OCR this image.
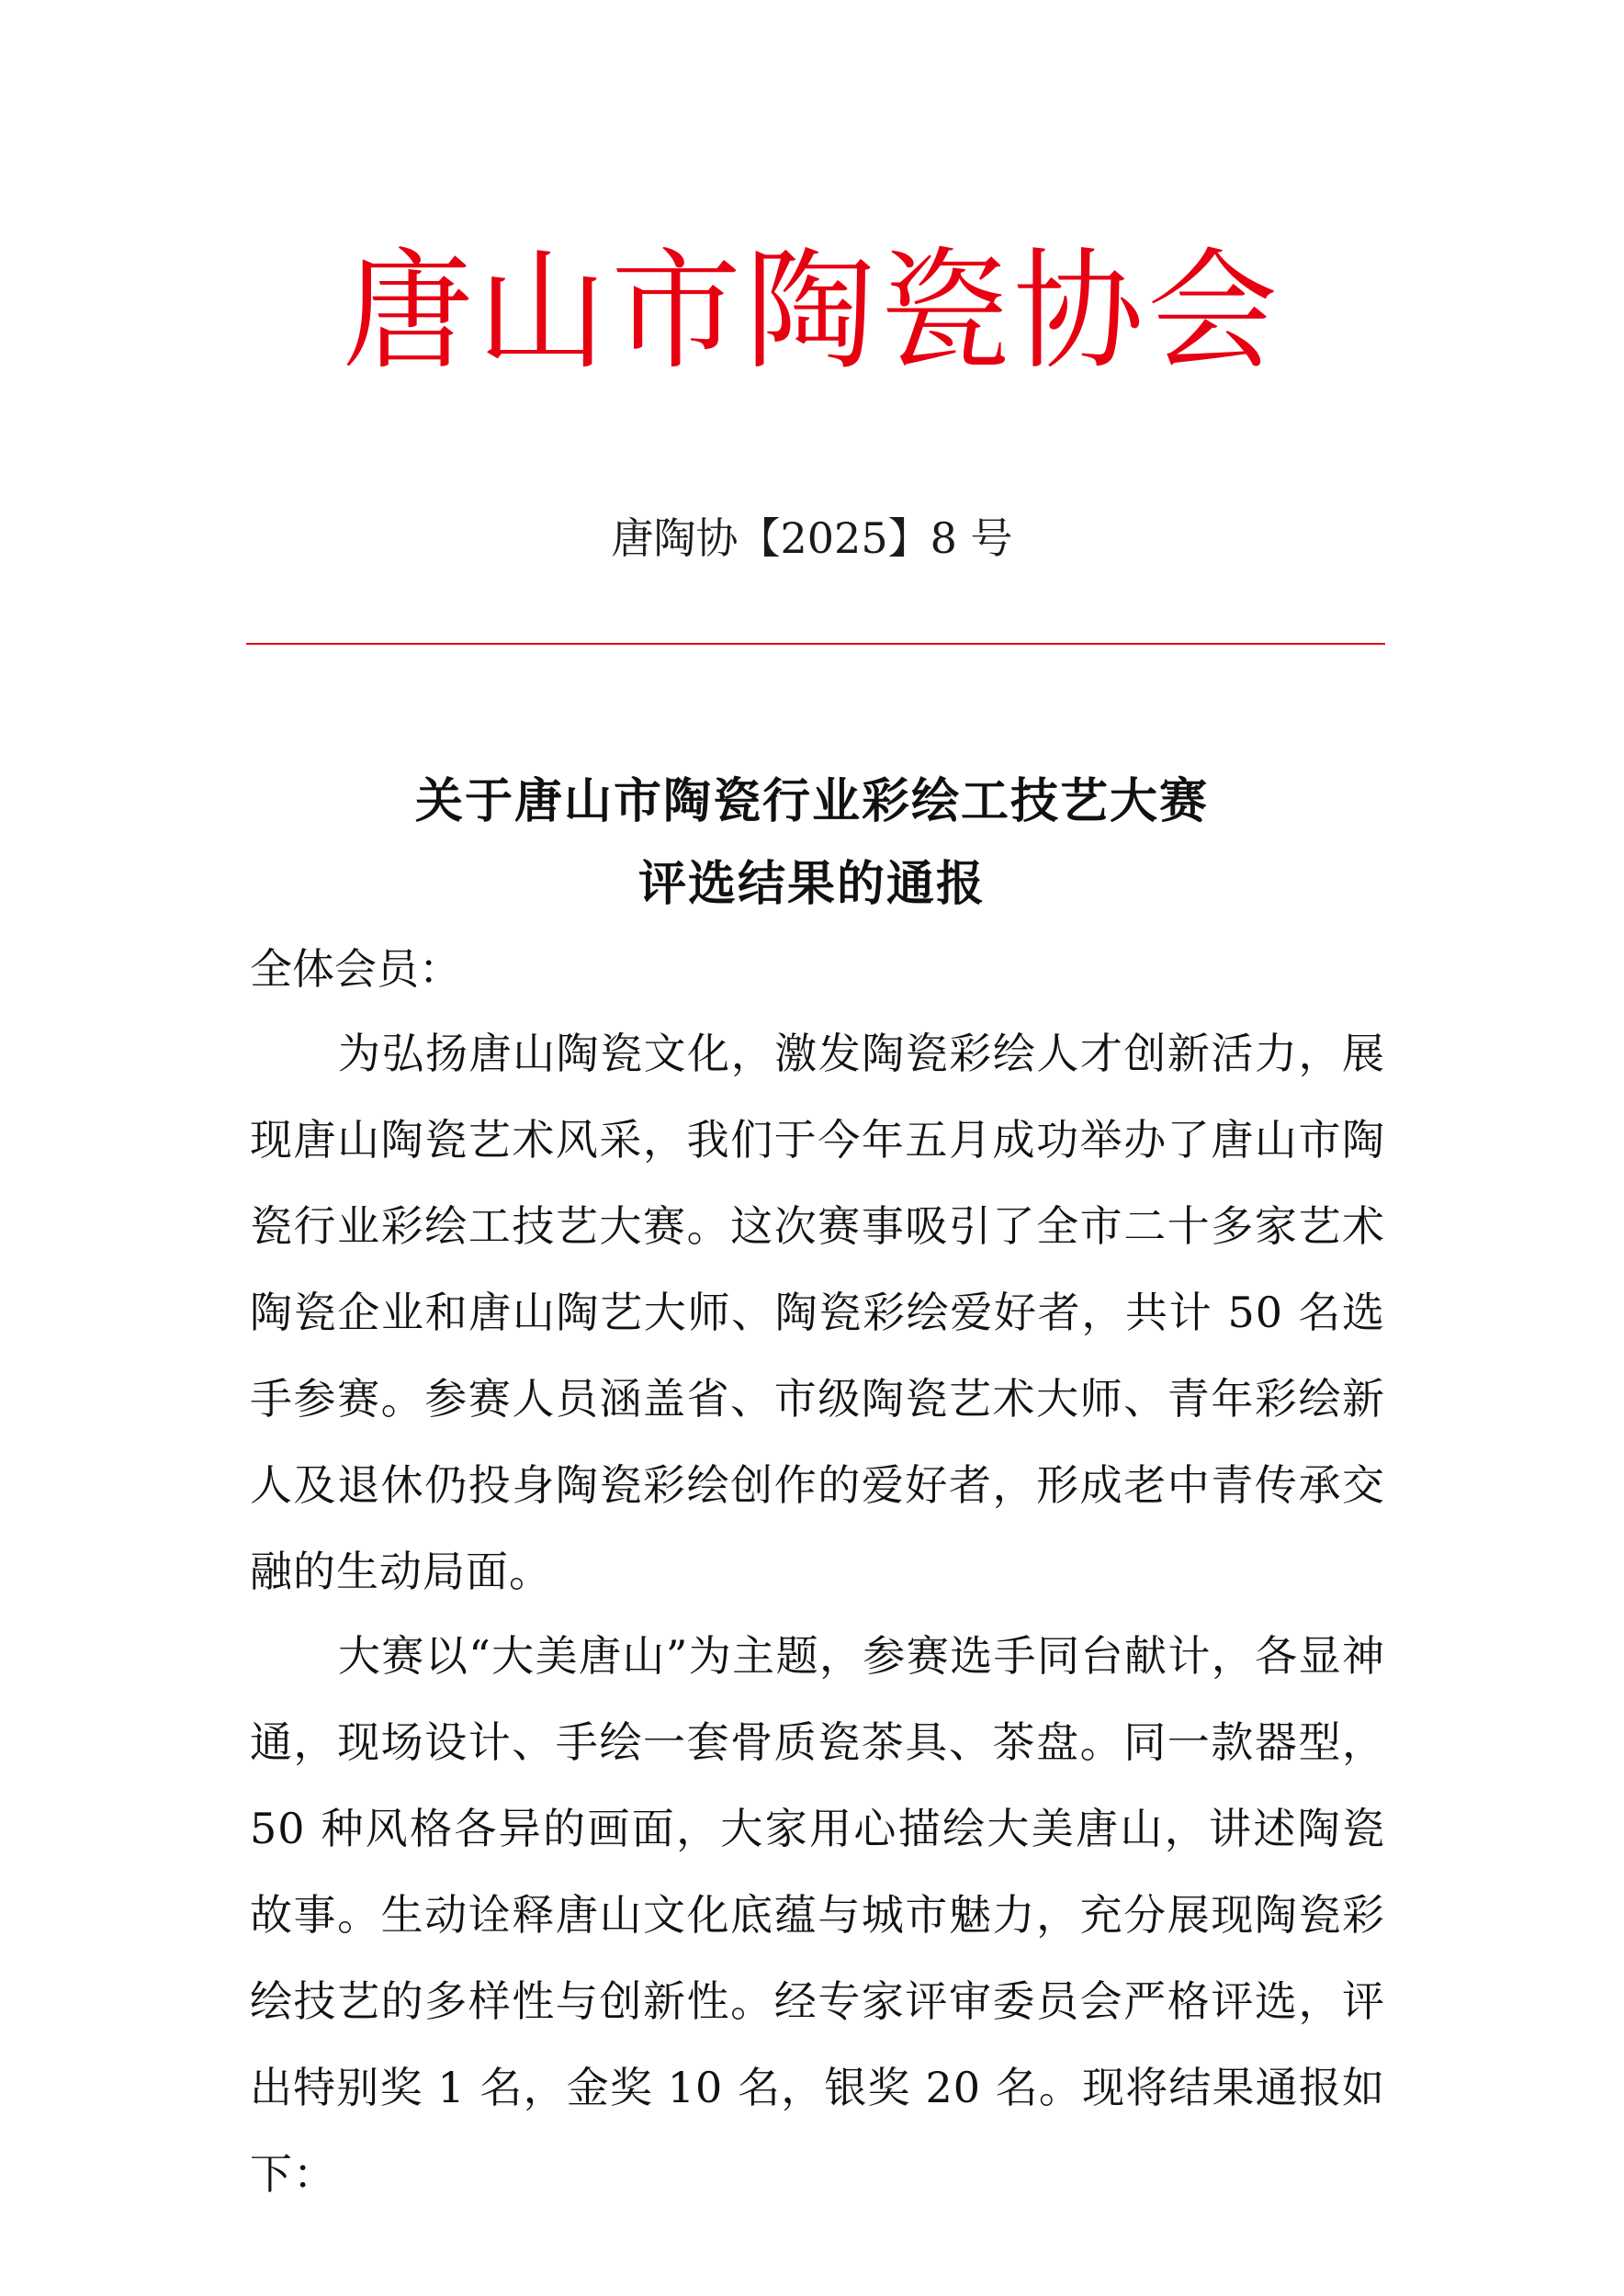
唐山市陶瓷协会
唐陶协【2025】8 号
关于唐山市陶瓷行业彩绘工技艺大赛
评选结果的通报
全体会员：

为弘扬唐山陶瓷文化，激发陶瓷彩绘人才创新活力，展现唐山陶瓷艺术风采，我们于今年五月成功举办了唐山市陶瓷行业彩绘工技艺大赛。这次赛事吸引了全市二十多家艺术陶瓷企业和唐山陶艺大师、陶瓷彩绘爱好者，共计 50 名选手参赛。参赛人员涵盖省、市级陶瓷艺术大师、青年彩绘新人及退休仍投身陶瓷彩绘创作的爱好者，形成老中青传承交融的生动局面。

大赛以“大美唐山”为主题，参赛选手同台献计，各显神通，现场设计、手绘一套骨质瓷茶具、茶盘。同一款器型，50 种风格各异的画面，大家用心描绘大美唐山，讲述陶瓷故事。生动诠释唐山文化底蕴与城市魅力，充分展现陶瓷彩绘技艺的多样性与创新性。经专家评审委员会严格评选，评出特别奖 1 名，金奖 10 名，银奖 20 名。现将结果通报如下：
